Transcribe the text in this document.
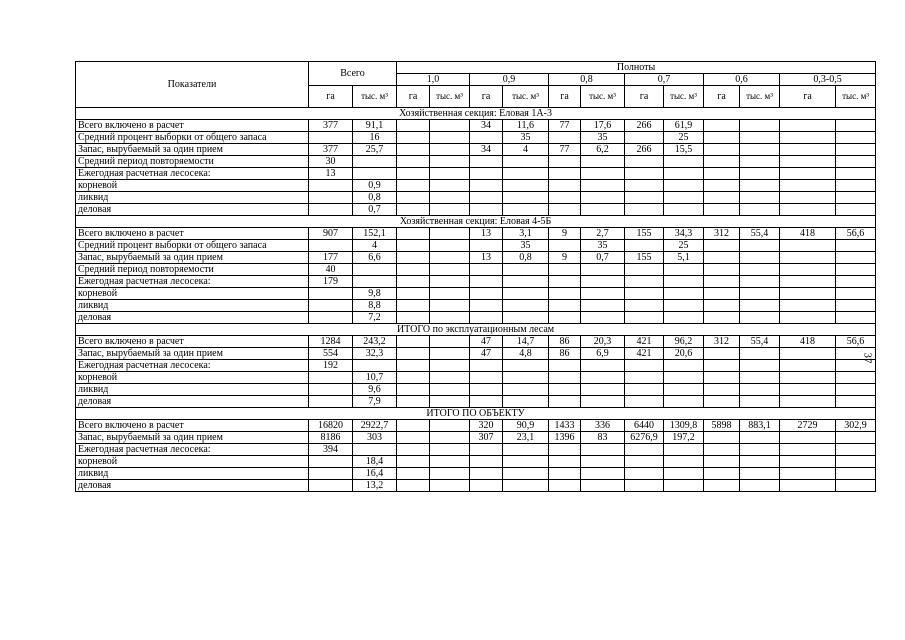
Показатели	Всего		Полноты											
			1,0		0,9		0,8		0,7		0,6		0,3-0,5	
	га	тыс. м³	га	тыс. м³	га	тыс. м³	га	тыс. м³	га	тыс. м³	га	тыс. м³	га	тыс. м³
Хозяйственная секция: Еловая 1А-3														
Всего включено в расчет	377	91,1			34	11,6	77	17,6	266	61,9				
Средний процент выборки от общего запаса		16				35		35		25				
Запас, вырубаемый за один прием	377	25,7			34	4	77	6,2	266	15,5				
Средний период повторяемости	30													
Ежегодная расчетная лесосека:	13													
корневой		0,9												
ликвид		0,8												
деловая		0,7												
Хозяйственная секция: Еловая 4-5Б														
Всего включено в расчет	907	152,1			13	3,1	9	2,7	155	34,3	312	55,4	418	56,6
Средний процент выборки от общего запаса		4				35		35		25				
Запас, вырубаемый за один прием	177	6,6			13	0,8	9	0,7	155	5,1				
Средний период повторяемости	40													
Ежегодная расчетная лесосека:	179													
корневой		9,8												
ликвид		8,8												
деловая		7,2												
ИТОГО по эксплуатационным лесам														
Всего включено в расчет	1284	243,2			47	14,7	86	20,3	421	96,2	312	55,4	418	56,6
Запас, вырубаемый за один прием	554	32,3			47	4,8	86	6,9	421	20,6				
Ежегодная расчетная лесосека:	192													
корневой		10,7												
ликвид		9,6												
деловая		7,9												
ИТОГО ПО ОБЪЕКТУ														
Всего включено в расчет	16820	2922,7			320	90,9	1433	336	6440	1309,8	5898	883,1	2729	302,9
Запас, вырубаемый за один прием	8186	303			307	23,1	1396	83	6276,9	197,2				
Ежегодная расчетная лесосека:	394													
корневой		18,4												
ликвид		16,4												
деловая		13,2												
37
